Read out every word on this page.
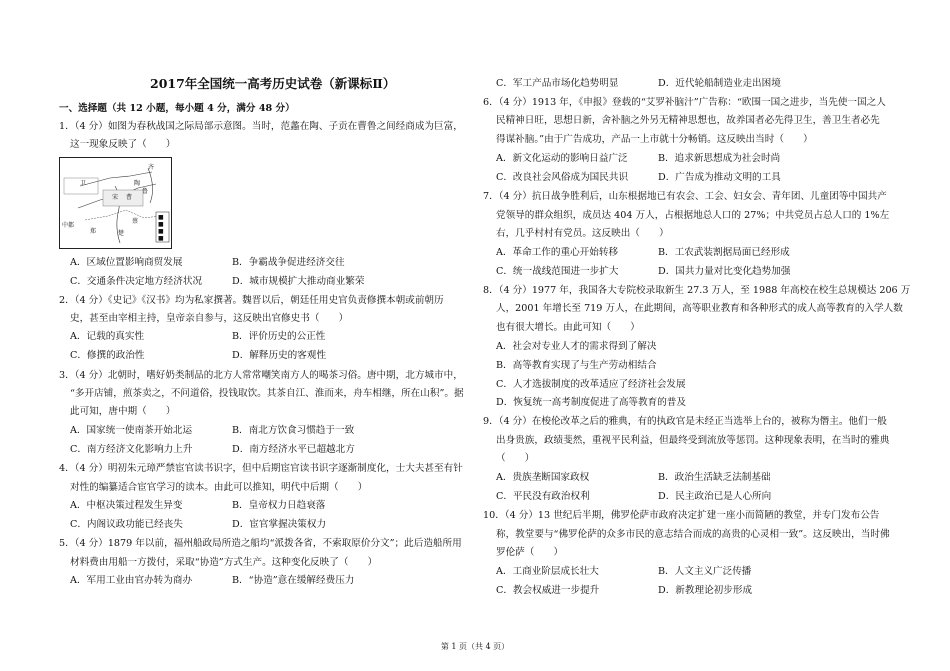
2017年全国统一高考历史试卷（新课标Ⅱ）
一、选择题（共 12 小题，每小题 4 分，满分 48 分）
1．（4 分）如图为春秋战国之际局部示意图。当时，范蠡在陶、子贡在曹鲁之间经商成为巨富，
这一现象反映了（　　）
卫
宋 曹
陶
鲁
齐
中都
郑	楚
蔡
■
■
■
■
A．区域位置影响商贸发展	B．争霸战争促进经济交往
C．交通条件决定地方经济状况	D．城市规模扩大推动商业繁荣
2．（4 分）《史记》《汉书》均为私家撰著。魏晋以后，朝廷任用史官负责修撰本朝或前朝历
史，甚至由宰相主持，皇帝亲自参与，这反映出官修史书（　　）
A．记载的真实性	B．评价历史的公正性
C．修撰的政治性	D．解释历史的客观性
3．（4 分）北朝时，嗜好奶类制品的北方人常常嘲笑南方人的喝茶习俗。唐中期，北方城市中，
“多开店铺，煎茶卖之，不问道俗，投钱取饮。其茶自江、淮而来，舟车相继，所在山积”。据
此可知，唐中期（　　）
A．国家统一使南茶开始北运	B．南北方饮食习惯趋于一致
C．南方经济文化影响力上升	D．南方经济水平已超越北方
4．（4 分）明初朱元璋严禁宦官读书识字，但中后期宦官读书识字逐渐制度化，士大夫甚至有针
对性的编纂适合宦官学习的读本。由此可以推知，明代中后期（　　）
A．中枢决策过程发生异变	B．皇帝权力日趋衰落
C．内阁议政功能已经丧失	D．宦官掌握决策权力
5．（4 分）1879 年以前，福州船政局所造之船均“派拨各省，不索取原价分文”；此后造船所用
材料费由用船一方拨付，采取“协造”方式生产。这种变化反映了（　　）
A．军用工业由官办转为商办	B．“协造”意在缓解经费压力
C．军工产品市场化趋势明显	D．近代轮船制造业走出困境
6．（4 分）1913 年，《申报》登载的“艾罗补脑汁”广告称：“欧围一国之进步，当先使一国之人
民精神日旺，思想日新，舍补脑之外另无精神思想也，故养国者必先得卫生，善卫生者必先
得谋补脑。”由于广告成功，产品一上市就十分畅销。这反映出当时（　　）
A．新文化运动的影响日益广泛	B．追求新思想成为社会时尚
C．改良社会风俗成为国民共识	D．广告成为推动文明的工具
7．（4 分）抗日战争胜利后，山东根据地已有农会、工会、妇女会、青年团、儿童团等中国共产
党领导的群众组织，成员达 404 万人，占根据地总人口的 27%；中共党员占总人口的 1%左
右，几乎村村有党员。这反映出（　　）
A．革命工作的重心开始转移	B．工农武装割据局面已经形成
C．统一战线范围进一步扩大	D．国共力量对比变化趋势加强
8．（4 分）1977 年，我国各大专院校录取新生 27.3 万人，至 1988 年高校在校生总规模达 206 万
人，2001 年增长至 719 万人，在此期间，高等职业教育和各种形式的成人高等教育的入学人数
也有很大增长。由此可知（　　）
A．社会对专业人才的需求得到了解决
B．高等教育实现了与生产劳动相结合
C．人才选拔制度的改革适应了经济社会发展
D．恢复统一高考制度促进了高等教育的普及
9．（4 分）在梭伦改革之后的雅典，有的执政官是未经正当选举上台的，被称为僭主。他们一般
出身贵族，政绩斐然，重视平民利益，但最终受到流放等惩罚。这种现象表明，在当时的雅典
（　　）
A．贵族垄断国家政权	B．政治生活缺乏法制基础
C．平民没有政治权利	D．民主政治已是人心所向
10．（4 分）13 世纪后半期，佛罗伦萨市政府决定扩建一座小而简陋的教堂，并专门发布公告
称，教堂要与“佛罗伦萨的众多市民的意志结合而成的高贵的心灵相一致”。这反映出，当时佛
罗伦萨（　　）
A．工商业阶层成长壮大	B．人文主义广泛传播
C．教会权威进一步提升	D．新教理论初步形成
第 1 页（共 4 页）
